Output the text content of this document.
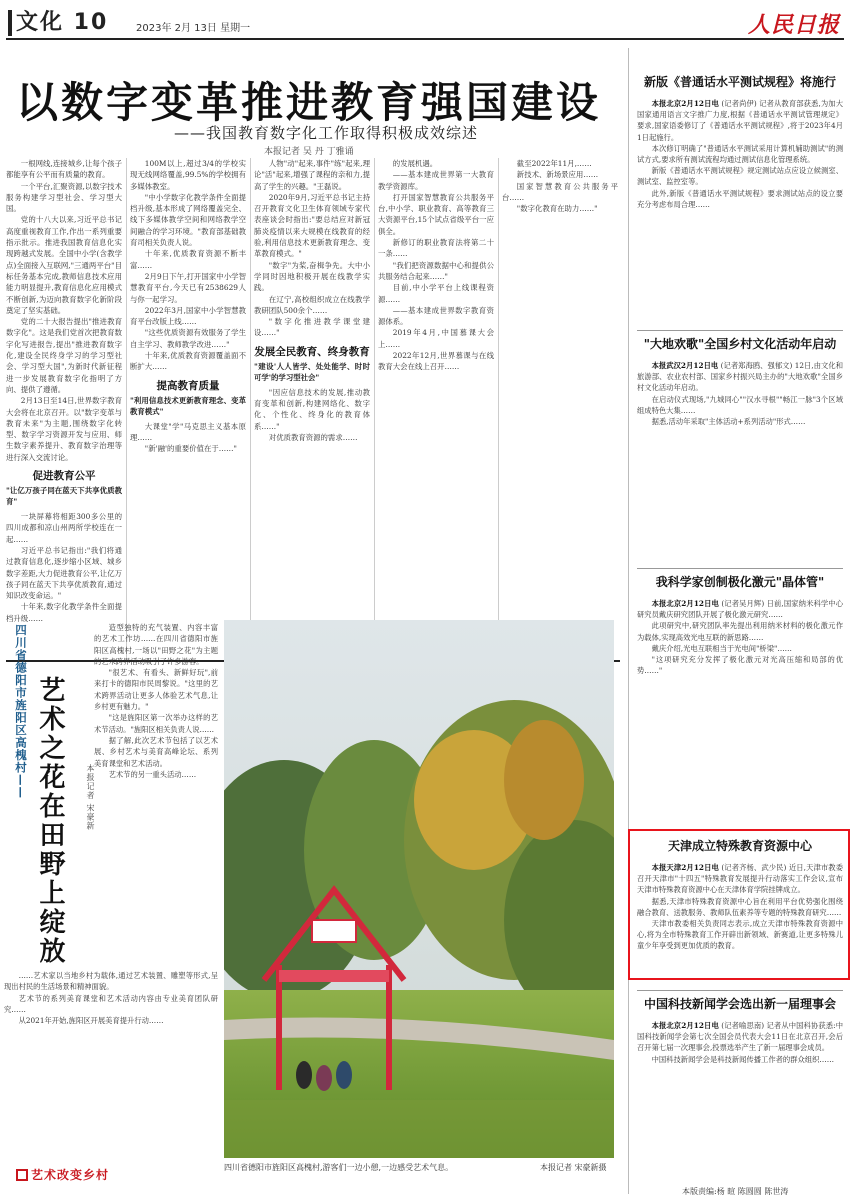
文化 10	2023年 2月 13日 星期一	人民日报
以数字变革推进教育强国建设
——我国教育数字化工作取得积极成效综述
本报记者 吴 丹 丁雅诵

一根网线,连接城乡,让每个孩子都能享有公平而有质量的教育。

一个平台,汇聚资源,以数字技术服务构建学习型社会、学习型大国。

党的十八大以来,习近平总书记高度重视教育工作,作出一系列重要指示批示。推进我国教育信息化实现跨越式发展。全国中小学(含教学点)全面接入互联网,"三通两平台"目标任务基本完成,教师信息技术应用能力明显提升,教育信息化应用模式不断创新,为迈向教育数字化新阶段奠定了坚实基础。

党的二十大报告提出"推进教育数字化"。这是我们党首次把教育数字化写进报告,提出"推进教育数字化,建设全民终身学习的学习型社会、学习型大国",为新时代新征程进一步发展教育数字化指明了方向、提供了遵循。

2月13日至14日,世界数字教育大会将在北京召开。以"数字变革与教育未来"为主题,围绕数字化转型、数字学习资源开发与应用、师生数字素养提升、教育数字治理等进行深入交流讨论。

促进教育公平

"让亿万孩子同在蓝天下共享优质教育"

一块屏幕将相距300多公里的四川成都和凉山州两所学校连在一起……

习近平总书记指出:"我们将通过教育信息化,逐步缩小区域、城乡数字差距,大力促进教育公平,让亿万孩子同在蓝天下共享优质教育,通过知识改变命运。"

十年来,数字化教学条件全面提档升级……

100M以上,超过3/4的学校实现无线网络覆盖,99.5%的学校拥有多媒体教室。

"中小学数字化教学条件全面提档升级,基本形成了网络覆盖完全、线下多媒体教学空间和网络教学空间融合的学习环境。"教育部基础教育司相关负责人说。

十年来,优质教育资源不断丰富……

2月9日下午,打开国家中小学智慧教育平台,今天已有2538629人与你一起学习。

2022年3月,国家中小学智慧教育平台改版上线……

"这些优质资源有效服务了学生自主学习、教师教学改进……"

十年来,优质教育资源覆盖面不断扩大……

提高教育质量

"利用信息技术更新教育理念、变革教育模式"

大课堂"学"马克思主义基本原理……

"新'融'的重要价值在于……"

人物"动"起来,事件"练"起来,理论"活"起来,增强了课程的亲和力,提高了学生的兴趣。"王磊说。

2020年9月,习近平总书记主持召开教育文化卫生体育领域专家代表座谈会时指出:"要总结应对新冠肺炎疫情以来大规模在线教育的经验,利用信息技术更新教育理念、变革教育模式。"

"数字"为桨,奋楫争先。大中小学同时因地积极开展在线教学实践。

在辽宁,高校组织成立在线教学教研团队500余个……

"数字化推进教学课堂建设……"

发展全民教育、终身教育

"建设'人人皆学、处处能学、时时可学'的学习型社会"

"因应信息技术的发展,推动教育变革和创新,构建网络化、数字化、个性化、终身化的教育体系……"

对优质教育资源的需求……

的发展机遇。

——基本建成世界第一大教育教学资源库。

打开国家智慧教育公共服务平台,中小学、职业教育、高等教育三大资源平台,15个试点省级平台一应俱全。

新修订的职业教育法将第二十一条……

"我们把资源数据中心和提供公共服务结合起来……"

目前,中小学平台上线课程资源……

——基本建成世界数字教育资源体系。

2019年4月,中国慕课大会上……

2022年12月,世界慕课与在线教育大会在线上召开……

截至2022年11月,……

新技术、新场景应用……

国家智慧教育公共服务平台……

"数字化教育在助力……"

四川省德阳市旌阳区高槐村—— 艺术之花在田野上绽放	本报记者 宋豪新

造型独特的充气装置、内容丰富的艺术工作坊……在四川省德阳市旌阳区高槐村,一场以"田野之花"为主题的艺术跨界活动吸引了许多游客。

"很艺术、有看头、新鲜好玩",前来打卡的德阳市民周黎说。"这里的艺术跨界活动让更多人体验艺术气息,让乡村更有魅力。"

"这是旌阳区第一次举办这样的艺术节活动。"旌阳区相关负责人说……

据了解,此次艺术节包括了以艺术展、乡村艺术与美育高峰论坛、系列美育课堂和艺术活动。

艺术节的另一重头活动……

……艺术家以当地乡村为载体,通过艺术装置、雕塑等形式,呈现出村民的生活场景和精神面貌。

艺术节的系列美育课堂和艺术活动内容由专业美育团队研究……

从2021年开始,旌阳区开展美育提升行动……

四川省德阳市旌阳区高槐村,游客们一边小憩,一边感受艺术气息。	本报记者 宋豪新摄
艺术改变乡村
新版《普通话水平测试规程》将施行

本报北京2月12日电 (记者尚伊) 记者从教育部获悉,为加大国家通用语言文字推广力度,根据《普通话水平测试管理规定》要求,国家语委修订了《普通话水平测试规程》,将于2023年4月1日起施行。

本次修订明确了"普通话水平测试采用计算机辅助测试"的测试方式,要求所有测试流程均通过测试信息化管理系统。

新版《普通话水平测试规程》规定测试站点应设立候测室、测试室、监控室等。

此外,新版《普通话水平测试规程》要求测试站点的设立要充分考虑布局合理……

"大地欢歌"全国乡村文化活动年启动

本报武汉2月12日电 (记者郑海鸥、强郁文) 12日,由文化和旅游部、农业农村部、国家乡村振兴局主办的"大地欢歌"全国乡村文化活动年启动。

在启动仪式现场,"九城同心""汉水寻根""畅江一脉"3个区域组成特色大集……

据悉,活动年采取"主体活动+系列活动"形式……

我科学家创制极化激元"晶体管"

本报北京2月12日电 (记者吴月辉) 日前,国家纳米科学中心研究员戴庆研究团队开展了极化激元研究……

此项研究中,研究团队率先提出利用纳米材料的极化激元作为载体,实现高效光电互联的新思路……

戴庆介绍,光电互联相当于光电间"桥梁"……

"这项研究充分发挥了极化激元对光高压缩和局部的优势……"

天津成立特殊教育资源中心

本报天津2月12日电 (记者齐杨、武少民) 近日,天津市教委召开天津市"十四五"特殊教育发展提升行动落实工作会议,宣布天津市特殊教育资源中心在天津体育学院挂牌成立。

据悉,天津市特殊教育资源中心旨在利用平台优势强化围绕融合教育、送教服务、教师队伍素养等专题的特殊教育研究……

天津市教委相关负责同志表示,成立天津市特殊教育资源中心,将为全市特殊教育工作开辟出新领域、新赛道,让更多特殊儿童少年享受到更加优质的教育。

中国科技新闻学会选出新一届理事会

本报北京2月12日电 (记者喻思南) 记者从中国科协获悉:中国科技新闻学会第七次全国会员代表大会11日在北京召开,会后召开第七届一次理事会,投票选举产生了新一届理事会成员。

中国科技新闻学会是科技新闻传播工作者的群众组织……

本版责编:杨 暄 陈圆圆 陈世涛
